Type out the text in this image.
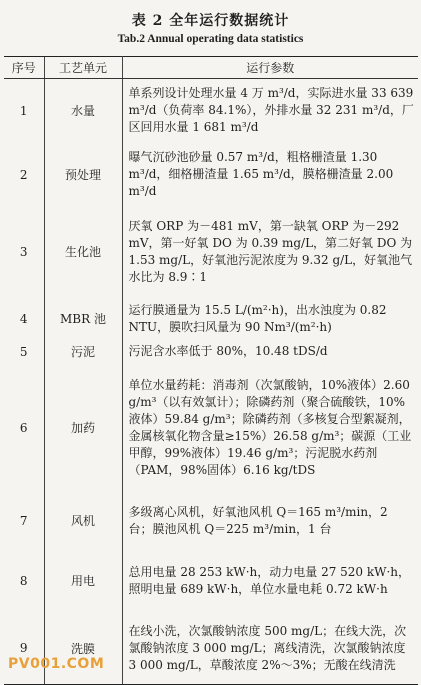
表 2 全年运行数据统计
Tab.2 Annual operating data statistics
序号	工艺单元	运行参数
1	水量	单系列设计处理水量 4 万 m³/d，实际进水量 33 639 m³/d（负荷率 84.1%），外排水量 32 231 m³/d，厂区回用水量 1 681 m³/d

2	预处理	曝气沉砂池砂量 0.57 m³/d，粗格栅渣量 1.30 m³/d，细格栅渣量 1.65 m³/d，膜格栅渣量 2.00 m³/d

3	生化池	厌氧 ORP 为－481 mV，第一缺氧 ORP 为－292 mV，第一好氧 DO 为 0.39 mg/L，第二好氧 DO 为 1.53 mg/L，好氧池污泥浓度为 9.32 g/L，好氧池气水比为 8.9∶1

4	MBR 池	运行膜通量为 15.5 L/(m²·h)，出水浊度为 0.82 NTU，膜吹扫风量为 90 Nm³/(m²·h)

5	污泥	污泥含水率低于 80%，10.48 tDS/d

6	加药	单位水量药耗：消毒剂（次氯酸钠，10%液体）2.60 g/m³（以有效氯计）；除磷药剂（聚合硫酸铁，10%液体）59.84 g/m³；除磷药剂（多核复合型絮凝剂，金属核氧化物含量≥15%）26.58 g/m³；碳源（工业甲醇，99%液体）19.46 g/m³；污泥脱水药剂（PAM，98%固体）6.16 kg/tDS

7	风机	多级离心风机，好氧池风机 Q＝165 m³/min，2 台；膜池风机 Q＝225 m³/min，1 台

8	用电	总用电量 28 253 kW·h，动力电量 27 520 kW·h，照明电量 689 kW·h，单位水量电耗 0.72 kW·h

9	洗膜	在线小洗，次氯酸钠浓度 500 mg/L；在线大洗，次氯酸钠浓度 3 000 mg/L；离线清洗，次氯酸钠浓度 3 000 mg/L，草酸浓度 2%～3%；无酸在线清洗
PV001.COM
